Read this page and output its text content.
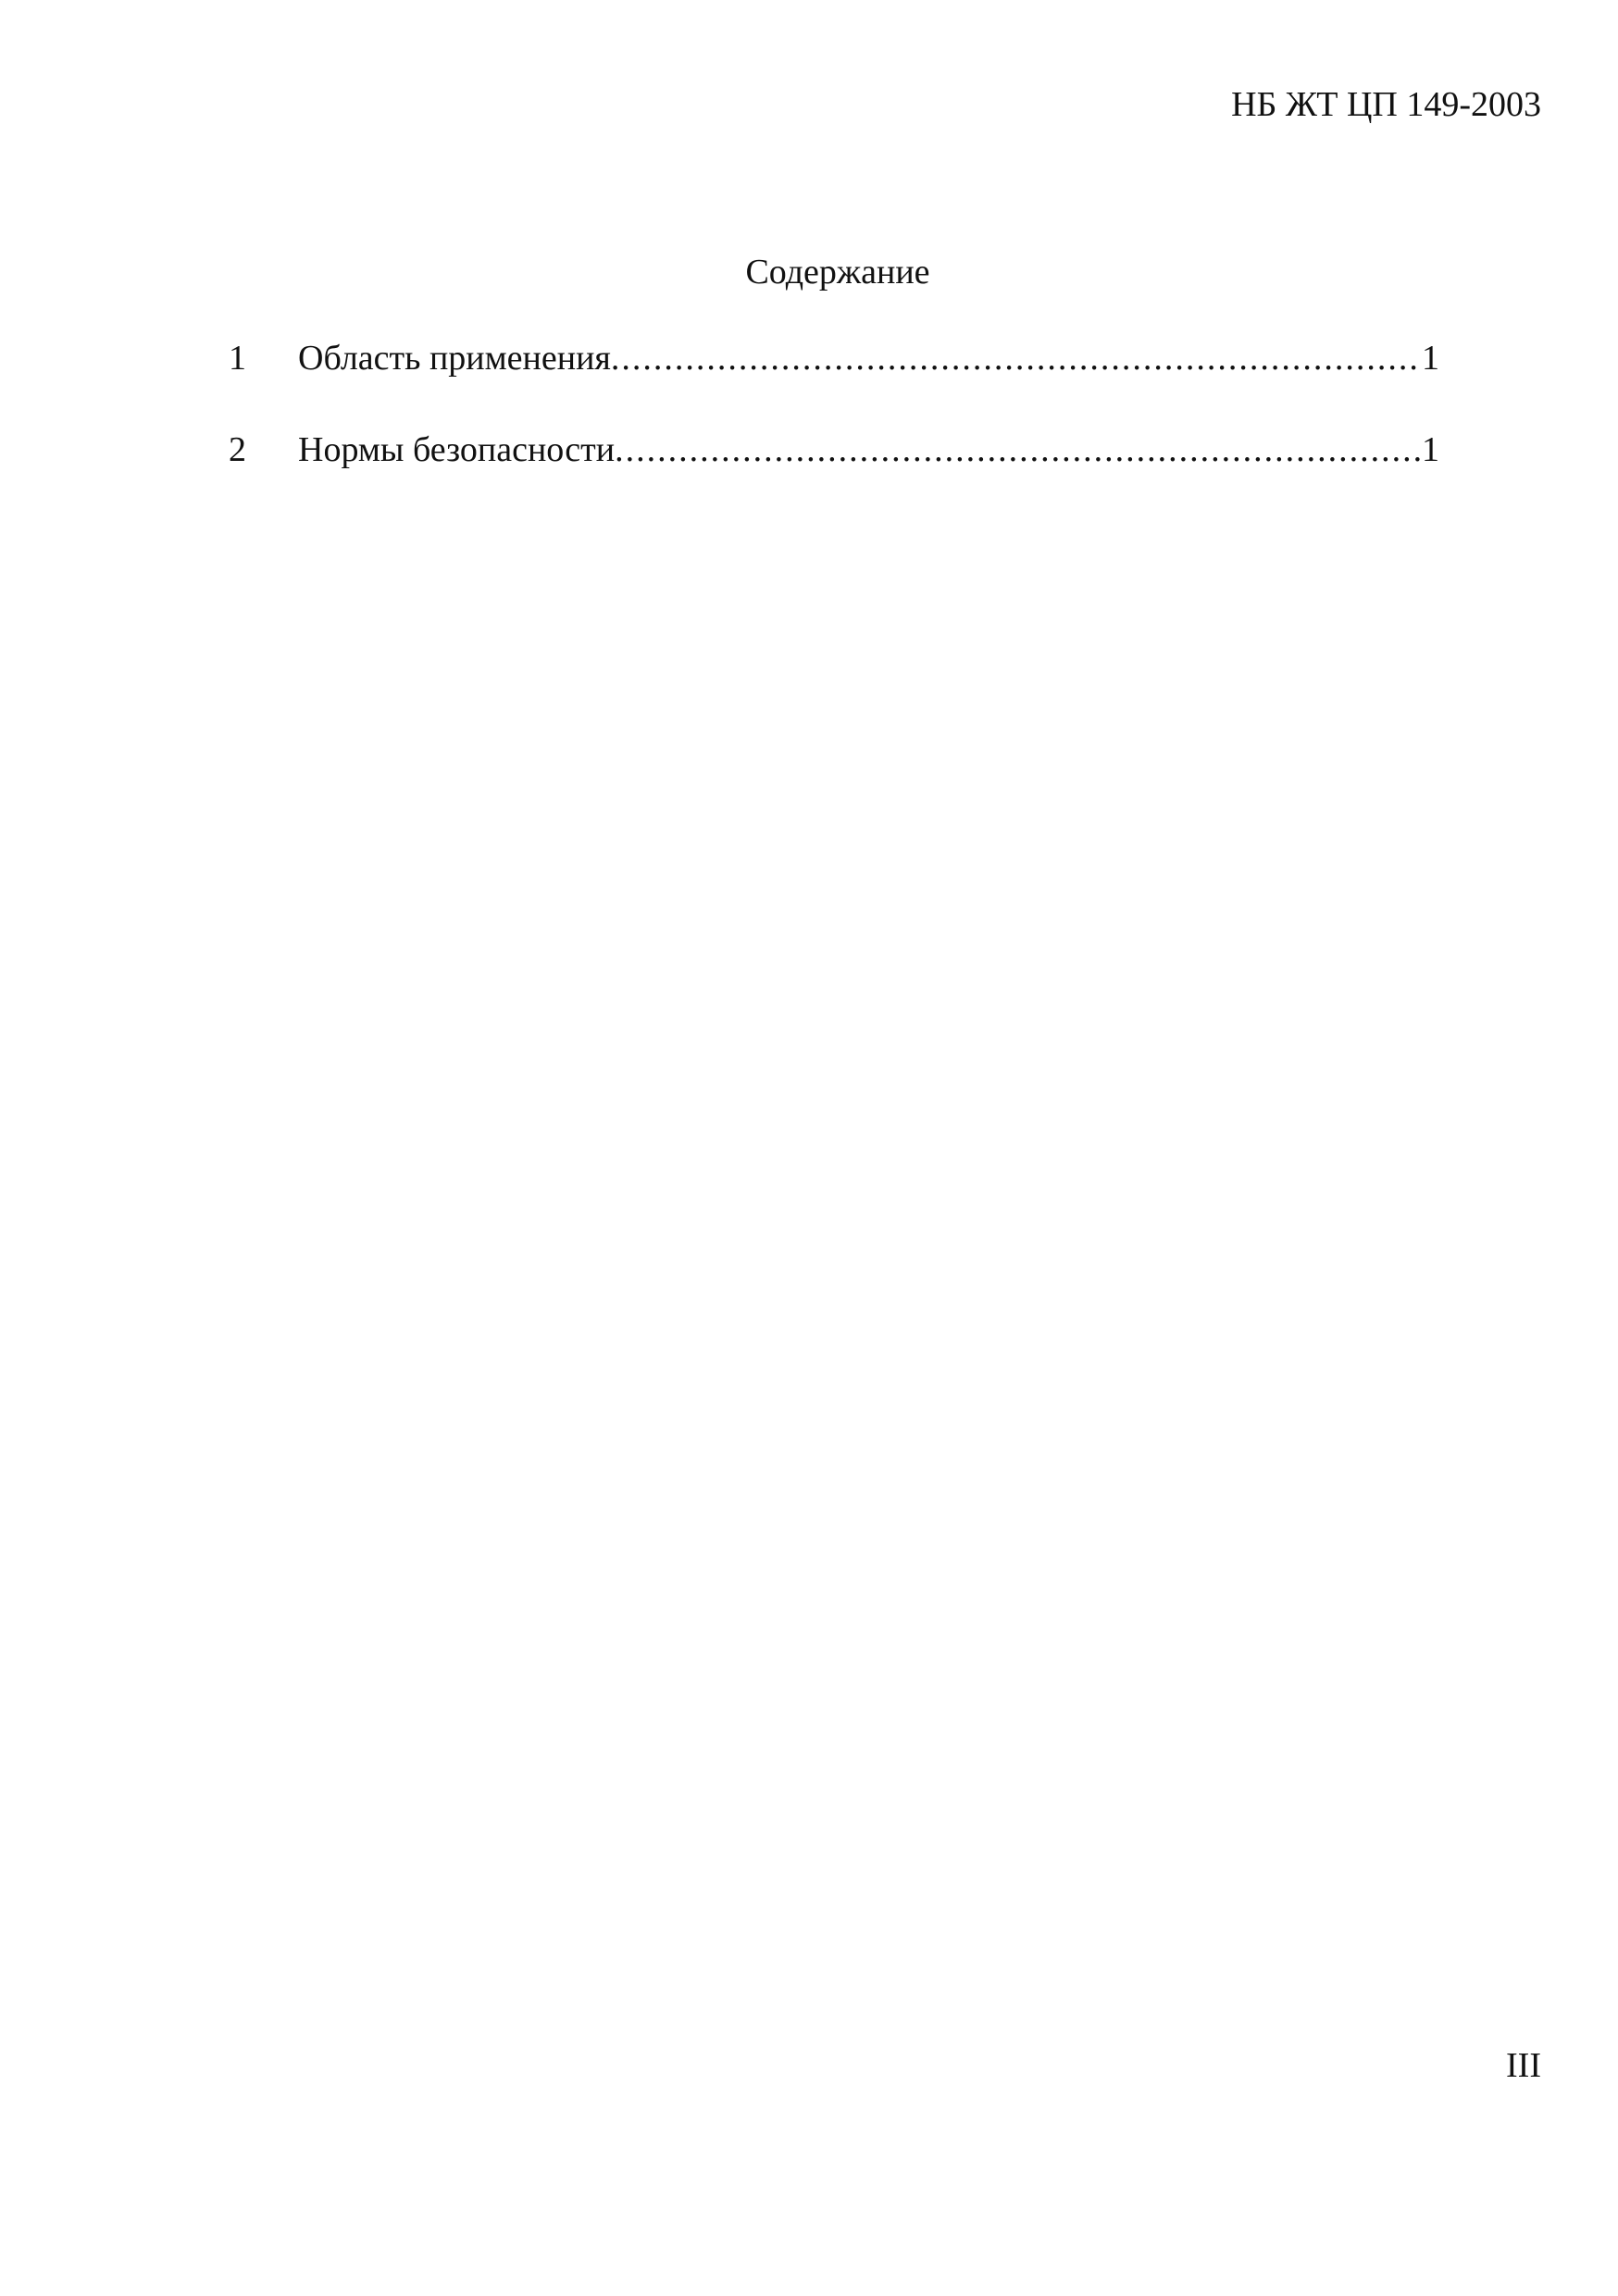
НБ ЖТ ЦП 149-2003
Содержание
1	Область применения .....	1
2	Нормы безопасности .....	1
III
